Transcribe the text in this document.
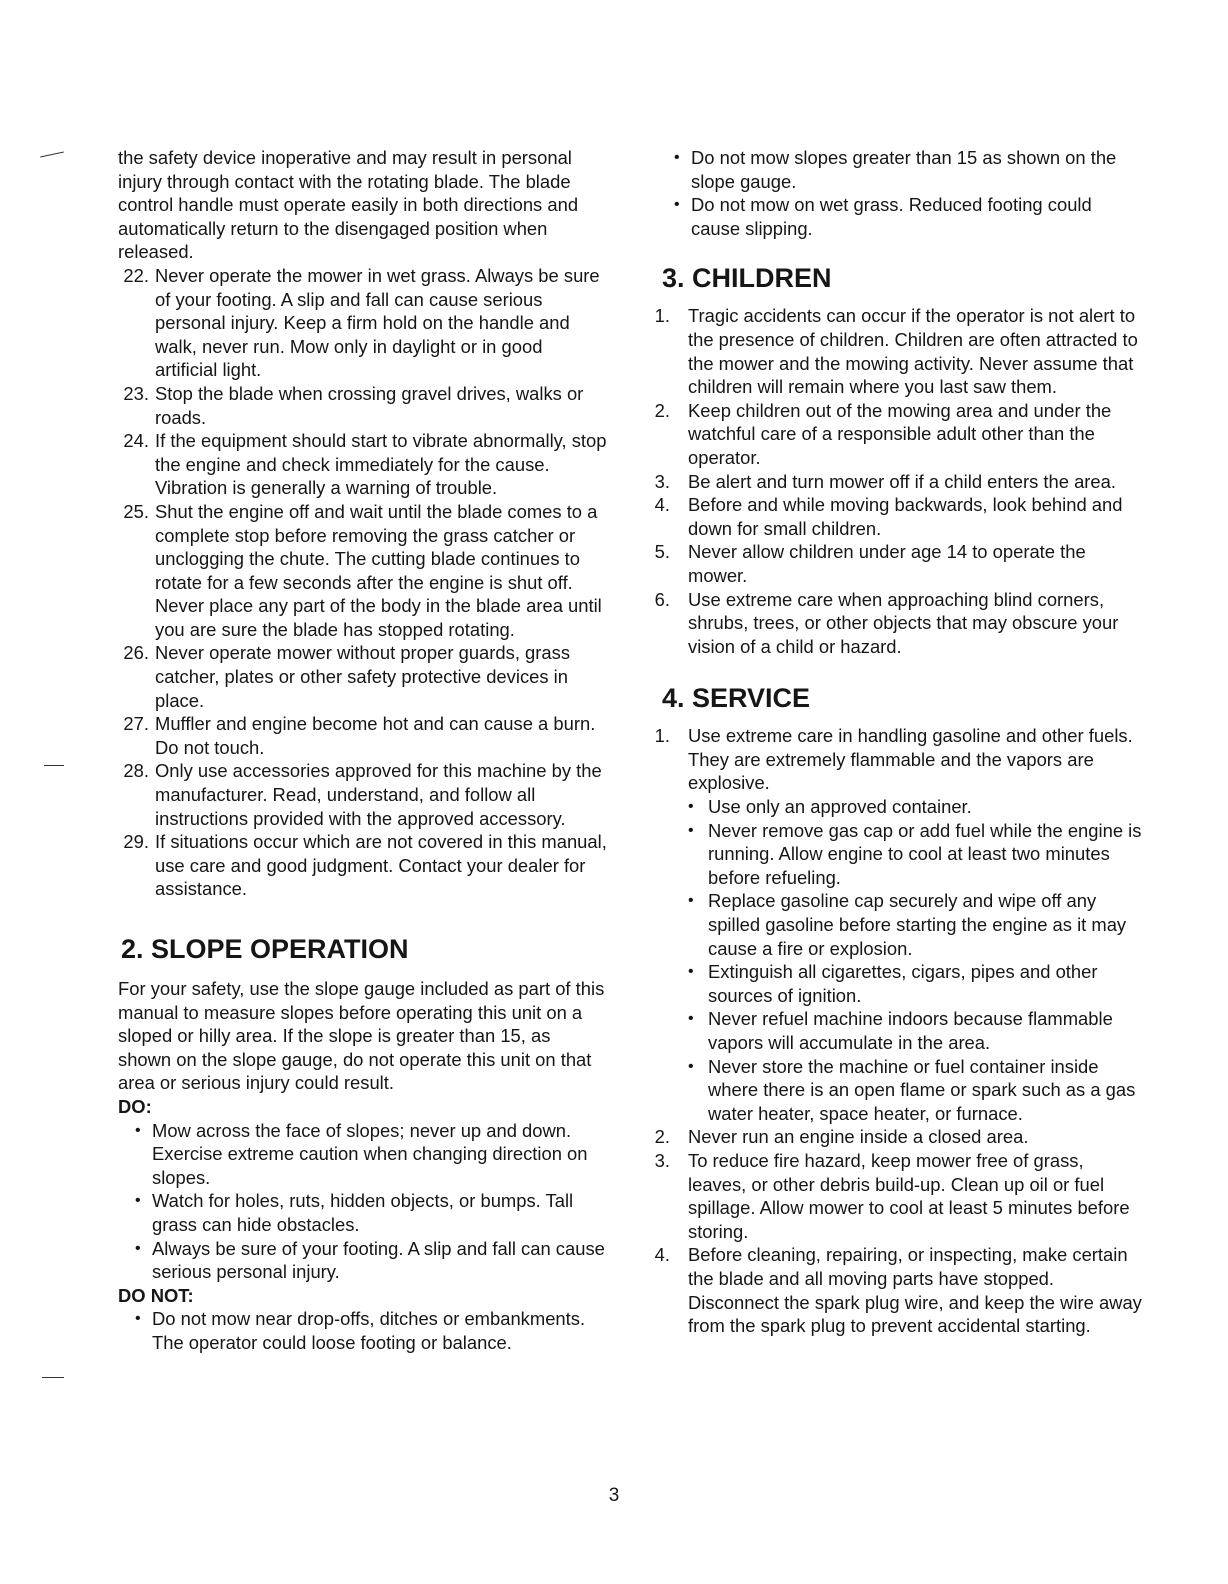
the safety device inoperative and may result in personal injury through contact with the rotating blade. The blade control handle must operate easily in both directions and automatically return to the disengaged position when released.

22. Never operate the mower in wet grass. Always be sure of your footing. A slip and fall can cause serious personal injury. Keep a firm hold on the handle and walk, never run. Mow only in daylight or in good artificial light.
23. Stop the blade when crossing gravel drives, walks or roads.
24. If the equipment should start to vibrate abnormally, stop the engine and check immediately for the cause. Vibration is generally a warning of trouble.
25. Shut the engine off and wait until the blade comes to a complete stop before removing the grass catcher or unclogging the chute. The cutting blade continues to rotate for a few seconds after the engine is shut off. Never place any part of the body in the blade area until you are sure the blade has stopped rotating.
26. Never operate mower without proper guards, grass catcher, plates or other safety protective devices in place.
27. Muffler and engine become hot and can cause a burn. Do not touch.
28. Only use accessories approved for this machine by the manufacturer. Read, understand, and follow all instructions provided with the approved accessory.
29. If situations occur which are not covered in this manual, use care and good judgment. Contact your dealer for assistance.
2. SLOPE OPERATION

For your safety, use the slope gauge included as part of this manual to measure slopes before operating this unit on a sloped or hilly area. If the slope is greater than 15, as shown on the slope gauge, do not operate this unit on that area or serious injury could result.

DO:

• Mow across the face of slopes; never up and down. Exercise extreme caution when changing direction on slopes.
• Watch for holes, ruts, hidden objects, or bumps. Tall grass can hide obstacles.
• Always be sure of your footing. A slip and fall can cause serious personal injury.

DO NOT:

• Do not mow near drop-offs, ditches or embankments. The operator could loose footing or balance.
• Do not mow slopes greater than 15 as shown on the slope gauge.
• Do not mow on wet grass. Reduced footing could cause slipping.
3. CHILDREN
1. Tragic accidents can occur if the operator is not alert to the presence of children. Children are often attracted to the mower and the mowing activity. Never assume that children will remain where you last saw them.
2. Keep children out of the mowing area and under the watchful care of a responsible adult other than the operator.
3. Be alert and turn mower off if a child enters the area.
4. Before and while moving backwards, look behind and down for small children.
5. Never allow children under age 14 to operate the mower.
6. Use extreme care when approaching blind corners, shrubs, trees, or other objects that may obscure your vision of a child or hazard.
4. SERVICE
1. Use extreme care in handling gasoline and other fuels. They are extremely flammable and the vapors are explosive.
• Use only an approved container.
• Never remove gas cap or add fuel while the engine is running. Allow engine to cool at least two minutes before refueling.
• Replace gasoline cap securely and wipe off any spilled gasoline before starting the engine as it may cause a fire or explosion.
• Extinguish all cigarettes, cigars, pipes and other sources of ignition.
• Never refuel machine indoors because flammable vapors will accumulate in the area.
• Never store the machine or fuel container inside where there is an open flame or spark such as a gas water heater, space heater, or furnace.
2. Never run an engine inside a closed area.
3. To reduce fire hazard, keep mower free of grass, leaves, or other debris build-up. Clean up oil or fuel spillage. Allow mower to cool at least 5 minutes before storing.
4. Before cleaning, repairing, or inspecting, make certain the blade and all moving parts have stopped. Disconnect the spark plug wire, and keep the wire away from the spark plug to prevent accidental starting.
3
